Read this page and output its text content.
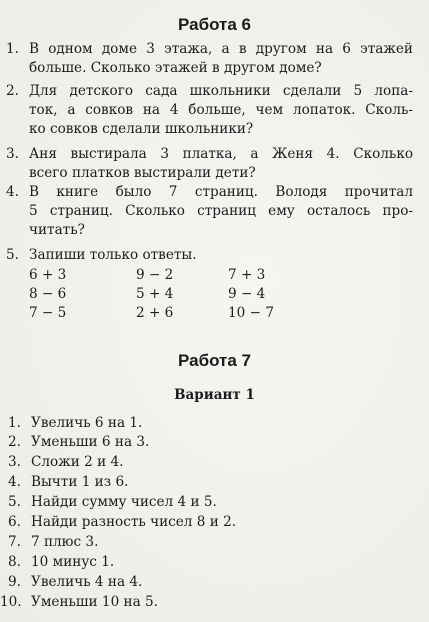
Работа 6
1. В одном доме 3 этажа, а в другом на 6 этажей
больше. Сколько этажей в другом доме?
2. Для детского сада школьники сделали 5 лопа-
ток, а совков на 4 больше, чем лопаток. Сколь-
ко совков сделали школьники?
3. Аня выстирала 3 платка, а Женя 4. Сколько
всего платков выстирали дети?
4. В книге было 7 страниц. Володя прочитал
5 страниц. Сколько страниц ему осталось про-
читать?
5. Запиши только ответы.
6 + 3	9 − 2	7 + 3
8 − 6	5 + 4	9 − 4
7 − 5	2 + 6	10 − 7
Работа 7
Вариант 1
1. Увеличь 6 на 1.
2. Уменьши 6 на 3.
3. Сложи 2 и 4.
4. Вычти 1 из 6.
5. Найди сумму чисел 4 и 5.
6. Найди разность чисел 8 и 2.
7. 7 плюс 3.
8. 10 минус 1.
9. Увеличь 4 на 4.
10. Уменьши 10 на 5.
